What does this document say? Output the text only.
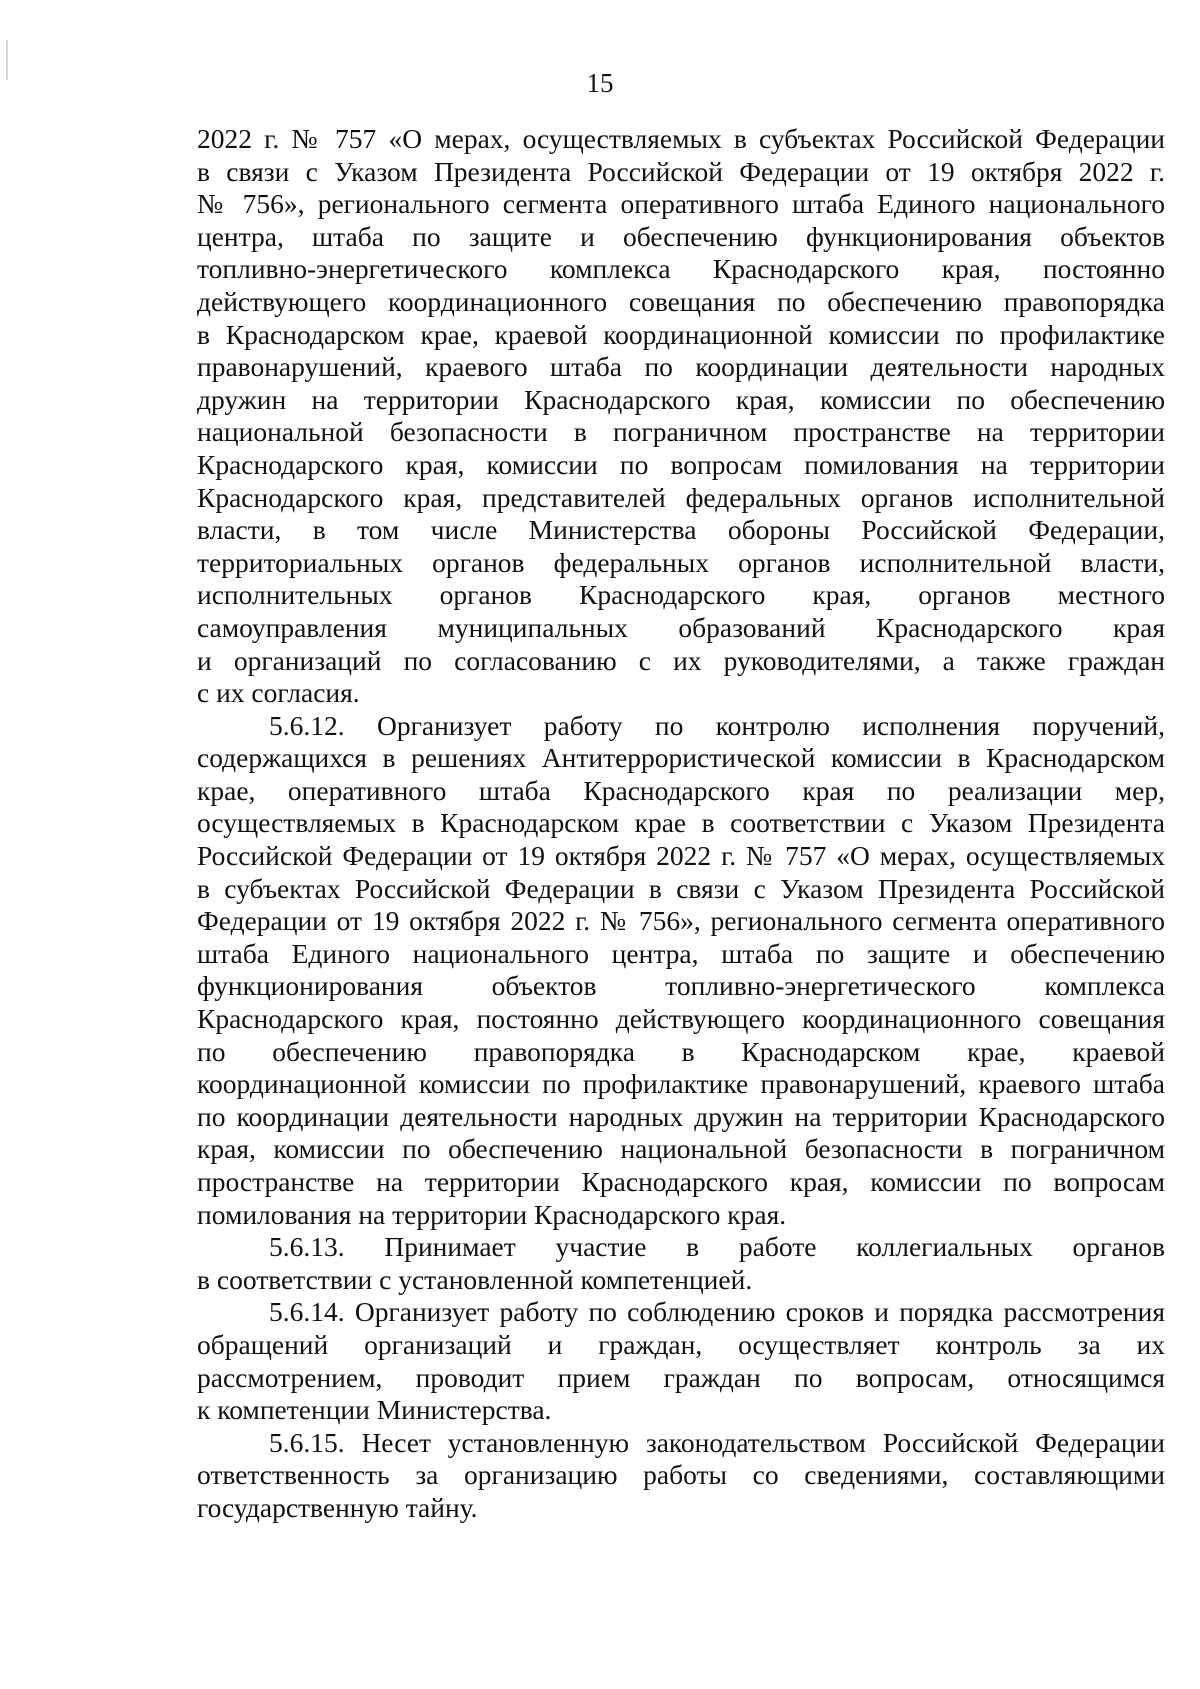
15
2022 г. № 757 «О мерах, осуществляемых в субъектах Российской Федерации
в связи с Указом Президента Российской Федерации от 19 октября 2022 г.
№ 756», регионального сегмента оперативного штаба Единого национального
центра, штаба по защите и обеспечению функционирования объектов
топливно-энергетического комплекса Краснодарского края, постоянно
действующего координационного совещания по обеспечению правопорядка
в Краснодарском крае, краевой координационной комиссии по профилактике
правонарушений, краевого штаба по координации деятельности народных
дружин на территории Краснодарского края, комиссии по обеспечению
национальной безопасности в пограничном пространстве на территории
Краснодарского края, комиссии по вопросам помилования на территории
Краснодарского края, представителей федеральных органов исполнительной
власти, в том числе Министерства обороны Российской Федерации,
территориальных органов федеральных органов исполнительной власти,
исполнительных органов Краснодарского края, органов местного
самоуправления муниципальных образований Краснодарского края
и организаций по согласованию с их руководителями, а также граждан
с их согласия.
5.6.12. Организует работу по контролю исполнения поручений,
содержащихся в решениях Антитеррористической комиссии в Краснодарском
крае, оперативного штаба Краснодарского края по реализации мер,
осуществляемых в Краснодарском крае в соответствии с Указом Президента
Российской Федерации от 19 октября 2022 г. № 757 «О мерах, осуществляемых
в субъектах Российской Федерации в связи с Указом Президента Российской
Федерации от 19 октября 2022 г. № 756», регионального сегмента оперативного
штаба Единого национального центра, штаба по защите и обеспечению
функционирования объектов топливно-энергетического комплекса
Краснодарского края, постоянно действующего координационного совещания
по обеспечению правопорядка в Краснодарском крае, краевой
координационной комиссии по профилактике правонарушений, краевого штаба
по координации деятельности народных дружин на территории Краснодарского
края, комиссии по обеспечению национальной безопасности в пограничном
пространстве на территории Краснодарского края, комиссии по вопросам
помилования на территории Краснодарского края.
5.6.13. Принимает участие в работе коллегиальных органов
в соответствии с установленной компетенцией.
5.6.14. Организует работу по соблюдению сроков и порядка рассмотрения
обращений организаций и граждан, осуществляет контроль за их
рассмотрением, проводит прием граждан по вопросам, относящимся
к компетенции Министерства.
5.6.15. Несет установленную законодательством Российской Федерации
ответственность за организацию работы со сведениями, составляющими
государственную тайну.
